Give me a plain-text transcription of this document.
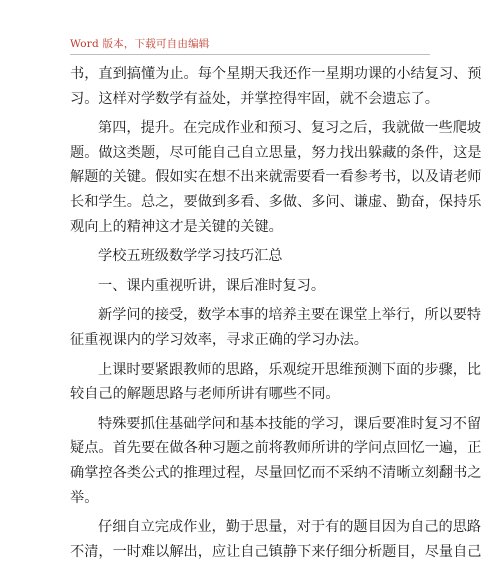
Word 版本，下载可自由编辑
书，直到搞懂为止。每个星期天我还作一星期功课的小结复习、预
习。这样对学数学有益处，并掌控得牢固，就不会遗忘了。
第四，提升。在完成作业和预习、复习之后，我就做一些爬坡
题。做这类题，尽可能自己自立思量，努力找出躲藏的条件，这是
解题的关键。假如实在想不出来就需要看一看参考书，以及请老师
长和学生。总之，要做到多看、多做、多问、谦虚、勤奋，保持乐
观向上的精神这才是关键的关键。
学校五班级数学学习技巧汇总
一、课内重视听讲，课后准时复习。
新学问的接受，数学本事的培养主要在课堂上举行，所以要特
征重视课内的学习效率，寻求正确的学习办法。
上课时要紧跟教师的思路，乐观绽开思维预测下面的步骤，比
较自己的解题思路与老师所讲有哪些不同。
特殊要抓住基础学问和基本技能的学习，课后要准时复习不留
疑点。首先要在做各种习题之前将教师所讲的学问点回忆一遍，正
确掌控各类公式的推理过程，尽量回忆而不采纳不清晰立刻翻书之
举。
仔细自立完成作业，勤于思量，对于有的题目因为自己的思路
不清，一时难以解出，应让自己镇静下来仔细分析题目，尽量自己
